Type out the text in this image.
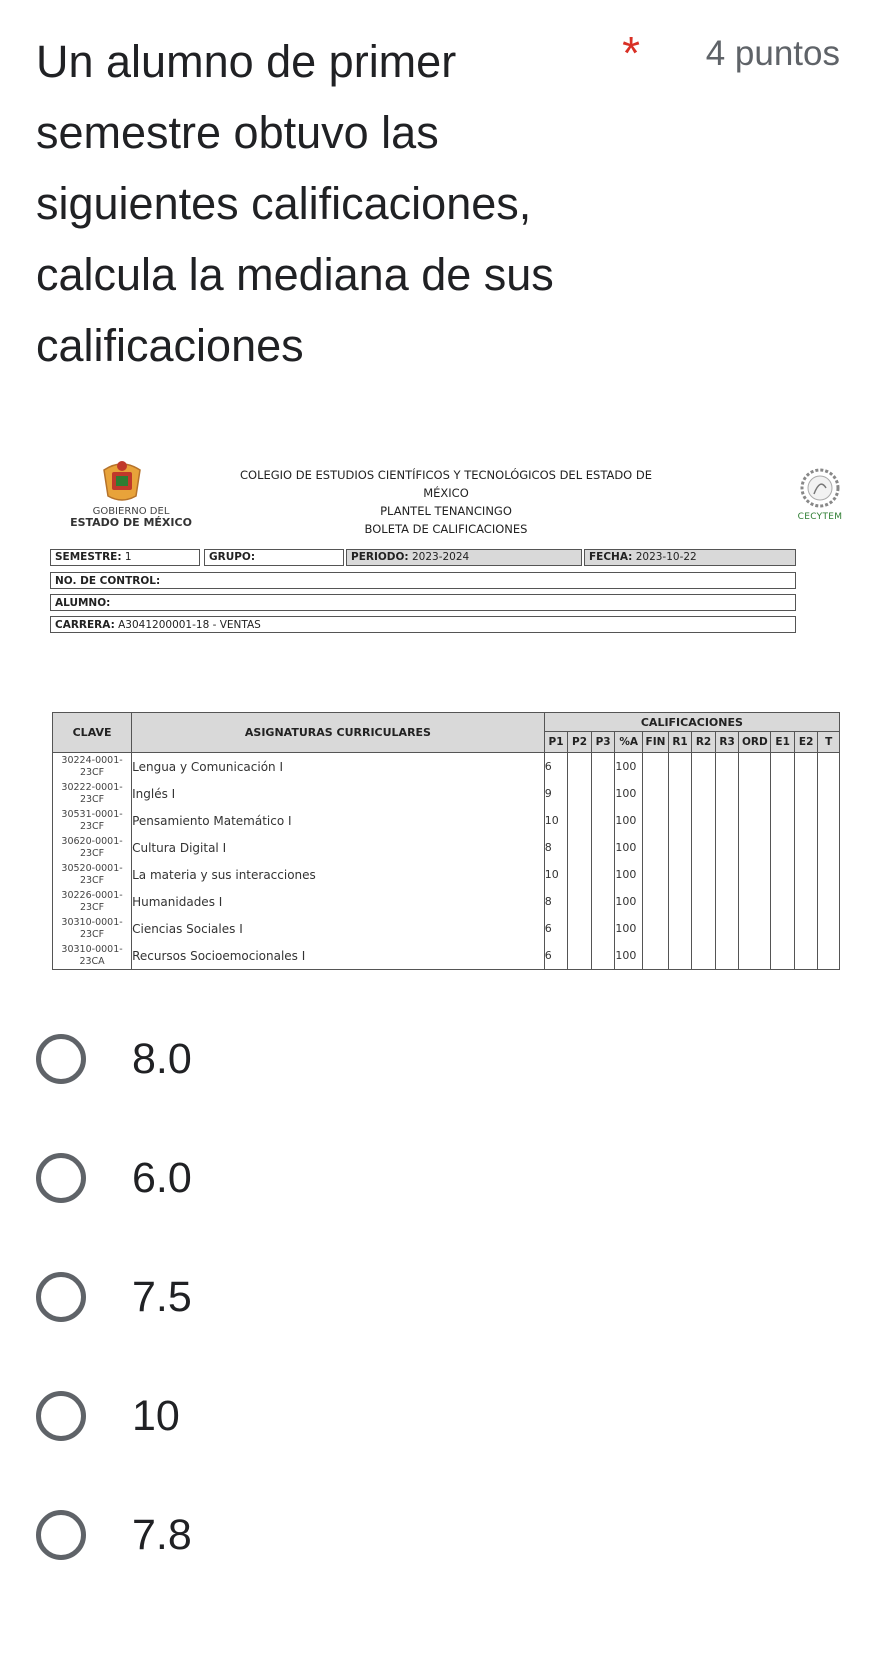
Un alumno de primer semestre obtuvo las siguientes calificaciones, calcula la mediana de sus calificaciones

* 4 puntos
GOBIERNO DEL
ESTADO DE MÉXICO
COLEGIO DE ESTUDIOS CIENTÍFICOS Y TECNOLÓGICOS DEL ESTADO DE MÉXICO
PLANTEL TENANCINGO
BOLETA DE CALIFICACIONES
CECYTEM
SEMESTRE: 1	GRUPO:	PERIODO: 2023-2024	FECHA: 2023-10-22
NO. DE CONTROL:
ALUMNO:
CARRERA: A3041200001-18 - VENTAS
CLAVE	ASIGNATURAS CURRICULARES	CALIFICACIONES											
		P1	P2	P3	%A	FIN	R1	R2	R3	ORD	E1	E2	T

30224-0001-
23CF	Lengua y Comunicación I	6			100								

30222-0001-
23CF	Inglés I	9			100								

30531-0001-
23CF	Pensamiento Matemático I	10			100								

30620-0001-
23CF	Cultura Digital I	8			100								

30520-0001-
23CF	La materia y sus interacciones	10			100								

30226-0001-
23CF	Humanidades I	8			100								

30310-0001-
23CF	Ciencias Sociales I	6			100								

30310-0001-
23CA	Recursos Socioemocionales I	6			100								
8.0
6.0
7.5
10
7.8
